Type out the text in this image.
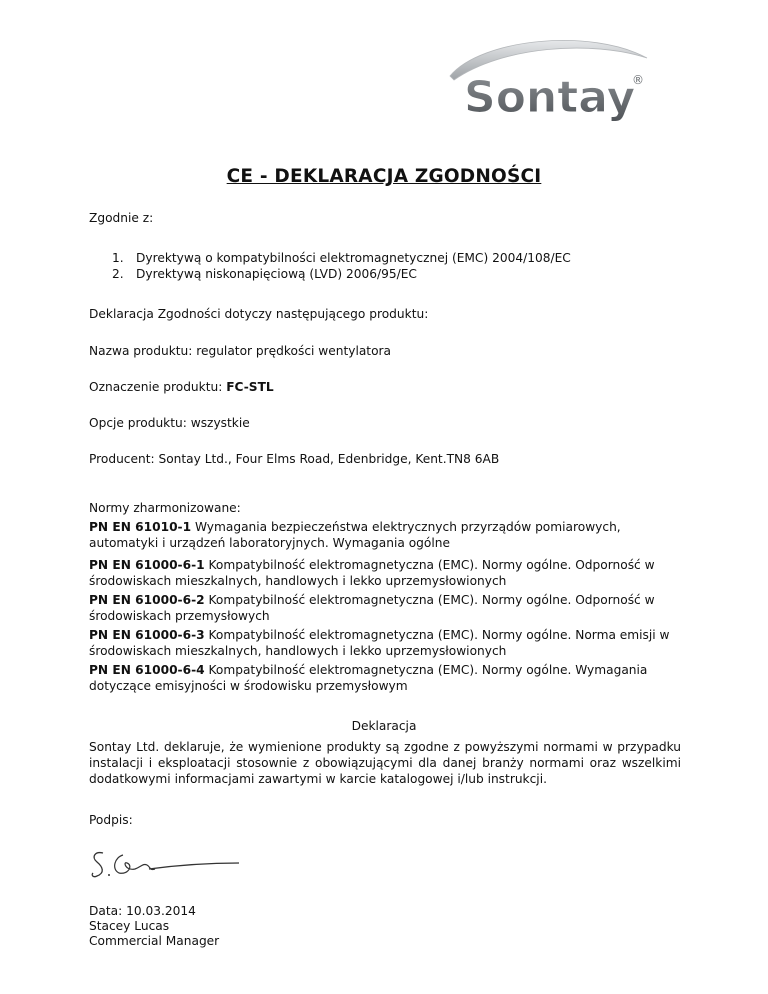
Sontay
®
CE - DEKLARACJA ZGODNOŚCI

Zgodnie z:

1. Dyrektywą o kompatybilności elektromagnetycznej (EMC) 2004/108/EC
2. Dyrektywą niskonapięciową (LVD) 2006/95/EC

Deklaracja Zgodności dotyczy następującego produktu:

Nazwa produktu: regulator prędkości wentylatora

Oznaczenie produktu: FC-STL

Opcje produktu: wszystkie

Producent: Sontay Ltd., Four Elms Road, Edenbridge, Kent.TN8 6AB

Normy zharmonizowane:

PN EN 61010-1 Wymagania bezpieczeństwa elektrycznych przyrządów pomiarowych, automatyki i urządzeń laboratoryjnych. Wymagania ogólne

PN EN 61000-6-1 Kompatybilność elektromagnetyczna (EMC). Normy ogólne. Odporność w środowiskach mieszkalnych, handlowych i lekko uprzemysłowionych

PN EN 61000-6-2 Kompatybilność elektromagnetyczna (EMC). Normy ogólne. Odporność w środowiskach przemysłowych

PN EN 61000-6-3 Kompatybilność elektromagnetyczna (EMC). Normy ogólne. Norma emisji w środowiskach mieszkalnych, handlowych i lekko uprzemysłowionych

PN EN 61000-6-4 Kompatybilność elektromagnetyczna (EMC). Normy ogólne. Wymagania dotyczące emisyjności w środowisku przemysłowym

Deklaracja

Sontay Ltd. deklaruje, że wymienione produkty są zgodne z powyższymi normami w przypadku instalacji i eksploatacji stosownie z obowiązującymi dla danej branży normami oraz wszelkimi dodatkowymi informacjami zawartymi w karcie katalogowej i/lub instrukcji.

Podpis:

Data: 10.03.2014

Stacey Lucas

Commercial Manager
